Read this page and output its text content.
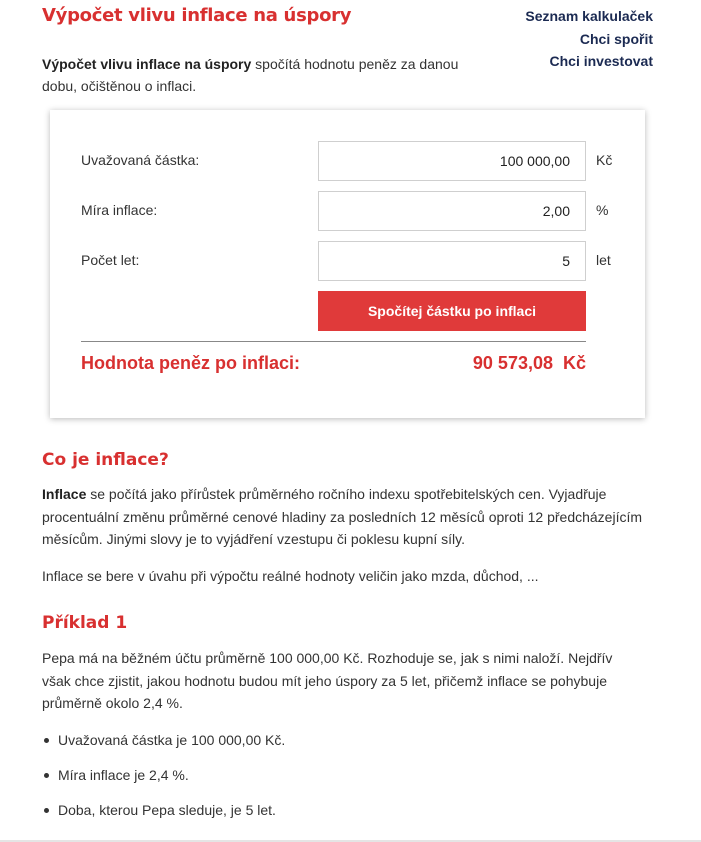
Výpočet vlivu inflace na úspory	Seznam kalkulaček
Chci spořit
Chci investovat

Výpočet vlivu inflace na úspory spočítá hodnotu peněz za danou dobu, očištěnou o inflaci.

Uvažovaná částka:	100 000,00	Kč
Míra inflace:	2,00	%
Počet let:	5	let
Spočítej částku po inflaci
Hodnota peněz po inflaci:	90 573,08  Kč
Co je inflace?

Inflace se počítá jako přírůstek průměrného ročního indexu spotřebitelských cen. Vyjadřuje procentuální změnu průměrné cenové hladiny za posledních 12 měsíců oproti 12 předcházejícím měsícům. Jinými slovy je to vyjádření vzestupu či poklesu kupní síly.

Inflace se bere v úvahu při výpočtu reálné hodnoty veličin jako mzda, důchod, ...

Příklad 1

Pepa má na běžném účtu průměrně 100 000,00 Kč. Rozhoduje se, jak s nimi naloží. Nejdřív však chce zjistit, jakou hodnotu budou mít jeho úspory za 5 let, přičemž inflace se pohybuje průměrně okolo 2,4 %.

Uvažovaná částka je 100 000,00 Kč.
Míra inflace je 2,4 %.
Doba, kterou Pepa sleduje, je 5 let.
